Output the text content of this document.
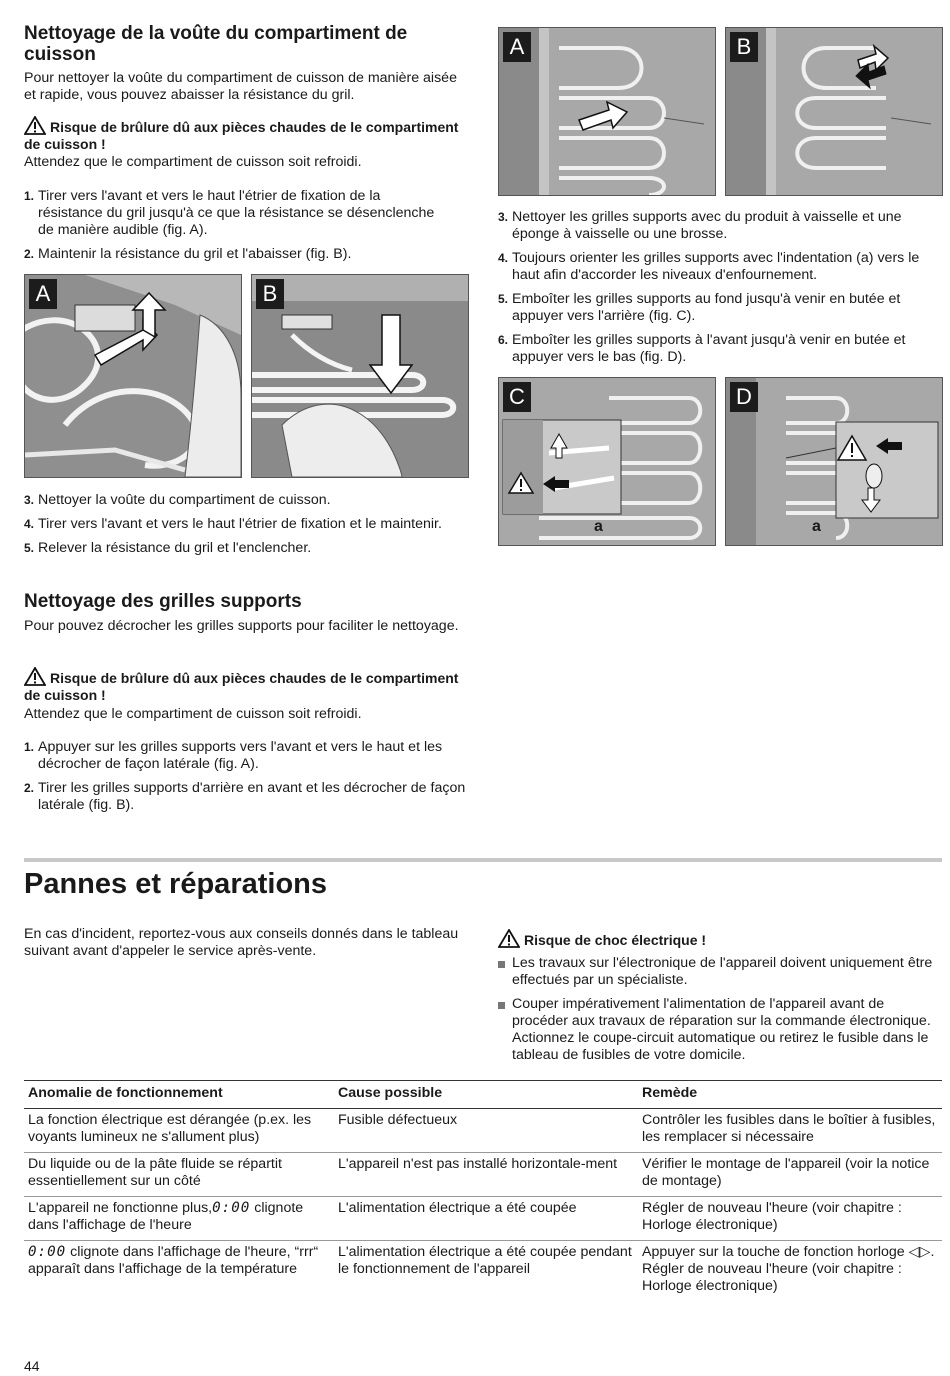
Nettoyage de la voûte du compartiment de cuisson
Pour nettoyer la voûte du compartiment de cuisson de manière aisée et rapide, vous pouvez abaisser la résistance du gril.
Risque de brûlure dû aux pièces chaudes de le compartiment de cuisson !
Attendez que le compartiment de cuisson soit refroidi.
1. Tirer vers l'avant et vers le haut l'étrier de fixation de la résistance du gril jusqu'à ce que la résistance se désenclenche de manière audible (fig. A).
2. Maintenir la résistance du gril et l'abaisser (fig. B).
A	B
3. Nettoyer la voûte du compartiment de cuisson.
4. Tirer vers l'avant et vers le haut l'étrier de fixation et le maintenir.
5. Relever la résistance du gril et l'enclencher.
Nettoyage des grilles supports
Pour pouvez décrocher les grilles supports pour faciliter le nettoyage.
Risque de brûlure dû aux pièces chaudes de le compartiment de cuisson !
Attendez que le compartiment de cuisson soit refroidi.
1. Appuyer sur les grilles supports vers l'avant et vers le haut et les décrocher de façon latérale (fig. A).
2. Tirer les grilles supports d'arrière en avant et les décrocher de façon latérale (fig. B).
A	B
3. Nettoyer les grilles supports avec du produit à vaisselle et une éponge à vaisselle ou une brosse.
4. Toujours orienter les grilles supports avec l'indentation (a) vers le haut afin d'accorder les niveaux d'enfournement.
5. Emboîter les grilles supports au fond jusqu'à venir en butée et appuyer vers l'arrière (fig. C).
6. Emboîter les grilles supports à l'avant jusqu'à venir en butée et appuyer vers le bas (fig. D).
C
a
D
a
Pannes et réparations
En cas d'incident, reportez-vous aux conseils donnés dans le tableau suivant avant d'appeler le service après-vente.
Risque de choc électrique !
Les travaux sur l'électronique de l'appareil doivent uniquement être effectués par un spécialiste.
Couper impérativement l'alimentation de l'appareil avant de procéder aux travaux de réparation sur la commande électronique. Actionnez le coupe-circuit automatique ou retirez le fusible dans le tableau de fusibles de votre domicile.
Anomalie de fonctionnement	Cause possible	Remède
La fonction électrique est dérangée (p.ex. les voyants lumineux ne s'allument plus)	Fusible défectueux	Contrôler les fusibles dans le boîtier à fusibles, les remplacer si nécessaire
Du liquide ou de la pâte fluide se répartit essentiellement sur un côté	L'appareil n'est pas installé horizontale-ment	Vérifier le montage de l'appareil (voir la notice de montage)
L'appareil ne fonctionne plus,0:00 clignote dans l'affichage de l'heure	L'alimentation électrique a été coupée	Régler de nouveau l'heure (voir chapitre : Horloge électronique)
0:00 clignote dans l'affichage de l'heure, “rrr“ apparaît dans l'affichage de la température	L'alimentation électrique a été coupée pendant le fonctionnement de l'appareil	Appuyer sur la touche de fonction horloge ◁▷. Régler de nouveau l'heure (voir chapitre : Horloge électronique)
44
